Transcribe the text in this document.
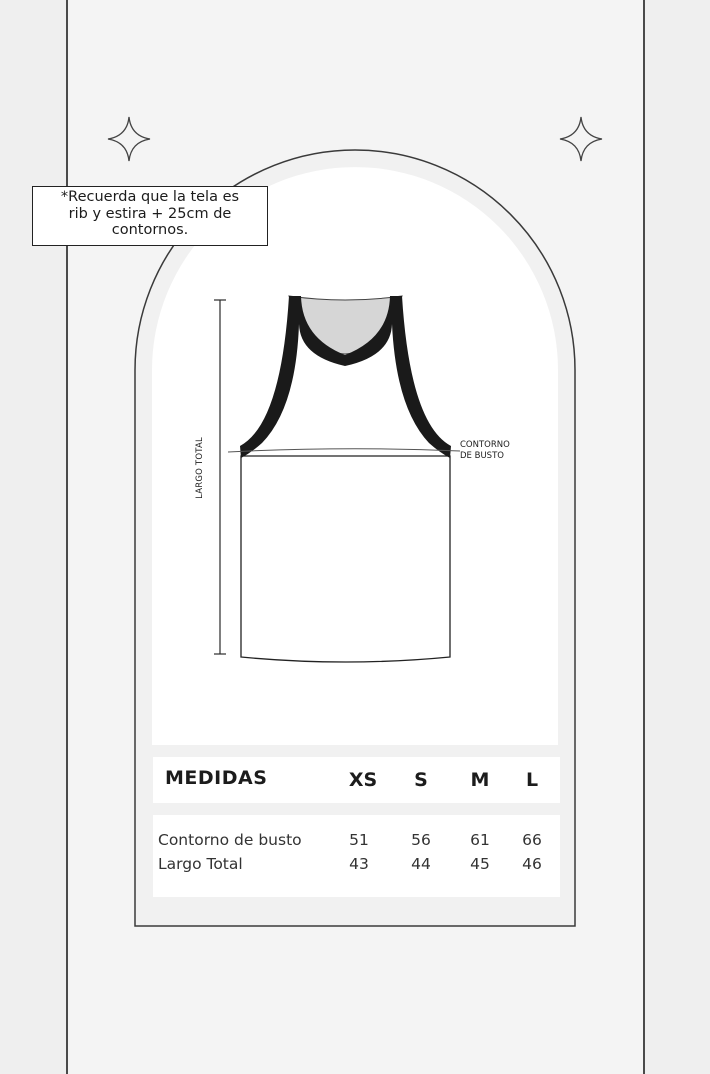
*Recuerda que la tela es
rib y estira + 25cm de
contornos.
LARGO TOTAL	CONTORNO
DE BUSTO
MEDIDAS	XS	S	M	L
Contorno de busto	51	56	61	66
Largo Total	43	44	45	46
